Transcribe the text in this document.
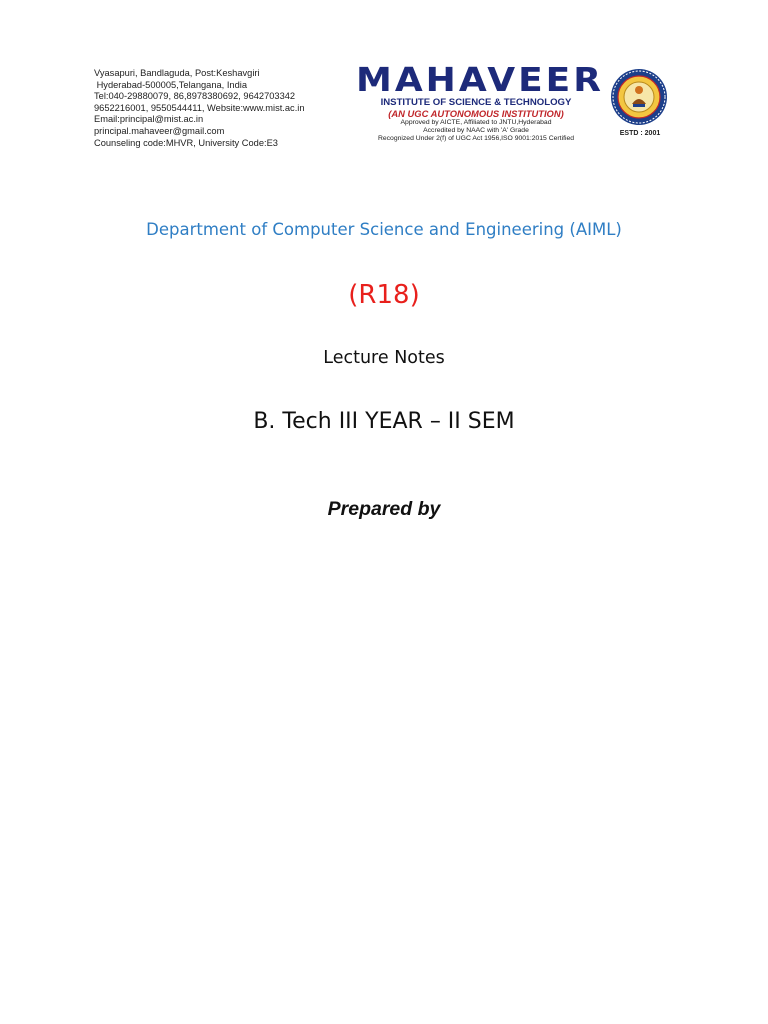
Vyasapuri, Bandlaguda, Post:Keshavgiri
Hyderabad-500005,Telangana, India
Tel:040-29880079, 86,8978380692, 9642703342
9652216001, 9550544411, Website:www.mist.ac.in
Email:principal@mist.ac.in
principal.mahaveer@gmail.com
Counseling code:MHVR, University Code:E3
MAHAVEER
INSTITUTE OF SCIENCE & TECHNOLOGY
(AN UGC AUTONOMOUS INSTITUTION)
Approved by AICTE, Affiliated to JNTU,Hyderabad
Accredited by NAAC with 'A' Grade
Recognized Under 2(f) of UGC Act 1956,ISO 9001:2015 Certified
ESTD : 2001
Department of Computer Science and Engineering (AIML)
(R18)
Lecture Notes
B. Tech III YEAR – II SEM
Prepared by
